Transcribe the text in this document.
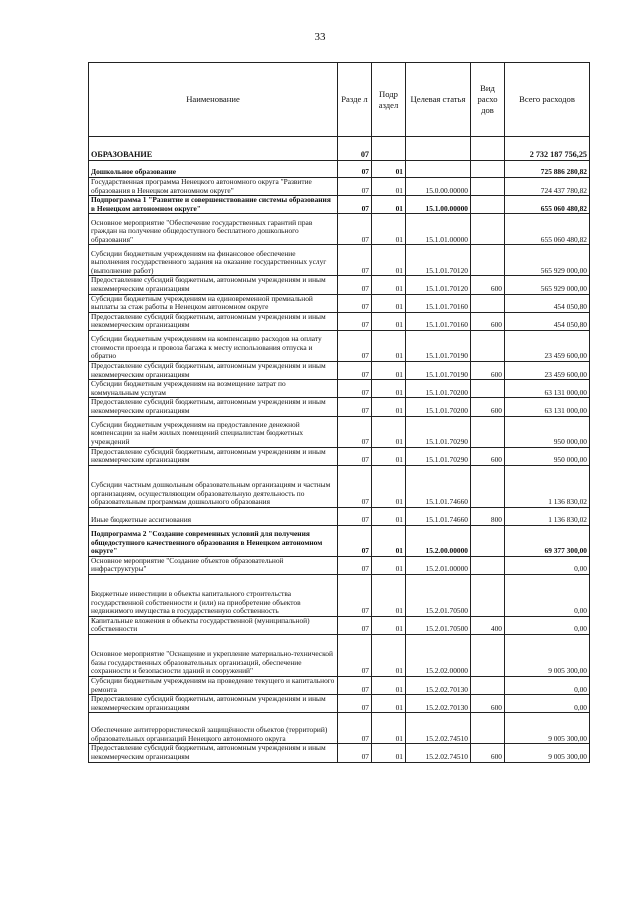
33
Наименование	Разде л	Подр аздел	Целевая статья	Вид расхо дов	Всего расходов
ОБРАЗОВАНИЕ	07				2 732 187 756,25
Дошкольное образование	07	01			725 886 280,82
Государственная программа Ненецкого автономного округа "Развитие образования в Ненецком автономном округе"	07	01	15.0.00.00000		724 437 780,82
Подпрограмма 1 "Развитие и совершенствование системы образования в Ненецком автономном округе"	07	01	15.1.00.00000		655 060 480,82
Основное мероприятие "Обеспечение государственных гарантий прав граждан на получение общедоступного бесплатного дошкольного образования"	07	01	15.1.01.00000		655 060 480,82
Субсидии бюджетным учреждениям на финансовое обеспечение выполнения государственного задания на оказание государственных услуг (выполнение работ)	07	01	15.1.01.70120		565 929 000,00
Предоставление субсидий бюджетным, автономным учреждениям и иным некоммерческим организациям	07	01	15.1.01.70120	600	565 929 000,00
Субсидии бюджетным учреждениям на единовременной премиальной выплаты за стаж работы в Ненецком автономном округе	07	01	15.1.01.70160		454 050,80
Предоставление субсидий бюджетным, автономным учреждениям и иным некоммерческим организациям	07	01	15.1.01.70160	600	454 050,80
Субсидии бюджетным учреждениям на компенсацию расходов на оплату стоимости проезда и провоза багажа к месту использования отпуска и обратно	07	01	15.1.01.70190		23 459 600,00
Предоставление субсидий бюджетным, автономным учреждениям и иным некоммерческим организациям	07	01	15.1.01.70190	600	23 459 600,00
Субсидии бюджетным учреждениям на возмещение затрат по коммунальным услугам	07	01	15.1.01.70200		63 131 000,00
Предоставление субсидий бюджетным, автономным учреждениям и иным некоммерческим организациям	07	01	15.1.01.70200	600	63 131 000,00
Субсидии бюджетным учреждениям на предоставление денежной компенсации за наём жилых помещений специалистам бюджетных учреждений	07	01	15.1.01.70290		950 000,00
Предоставление субсидий бюджетным, автономным учреждениям и иным некоммерческим организациям	07	01	15.1.01.70290	600	950 000,00
Субсидии частным дошкольным образовательным организациям и частным организациям, осуществляющим образовательную деятельность по образовательным программам дошкольного образования	07	01	15.1.01.74660		1 136 830,02
Иные бюджетные ассигнования	07	01	15.1.01.74660	800	1 136 830,02
Подпрограмма 2 "Создание современных условий для получения общедоступного качественного образования в Ненецком автономном округе"	07	01	15.2.00.00000		69 377 300,00
Основное мероприятие "Создание объектов образовательной инфраструктуры"	07	01	15.2.01.00000		0,00
Бюджетные инвестиции в объекты капитального строительства государственной собственности и (или) на приобретение объектов недвижимого имущества в государственную собственность	07	01	15.2.01.70500		0,00
Капитальные вложения в объекты государственной (муниципальной) собственности	07	01	15.2.01.70500	400	0,00
Основное мероприятие "Оснащение и укрепление материально-технической базы государственных образовательных организаций, обеспечение сохранности и безопасности зданий и сооружений"	07	01	15.2.02.00000		9 005 300,00
Субсидии бюджетным учреждениям на проведение текущего и капитального ремонта	07	01	15.2.02.70130		0,00
Предоставление субсидий бюджетным, автономным учреждениям и иным некоммерческим организациям	07	01	15.2.02.70130	600	0,00
Обеспечение антитеррористической защищённости объектов (территорий) образовательных организаций Ненецкого автономного округа	07	01	15.2.02.74510		9 005 300,00
Предоставление субсидий бюджетным, автономным учреждениям и иным некоммерческим организациям	07	01	15.2.02.74510	600	9 005 300,00
